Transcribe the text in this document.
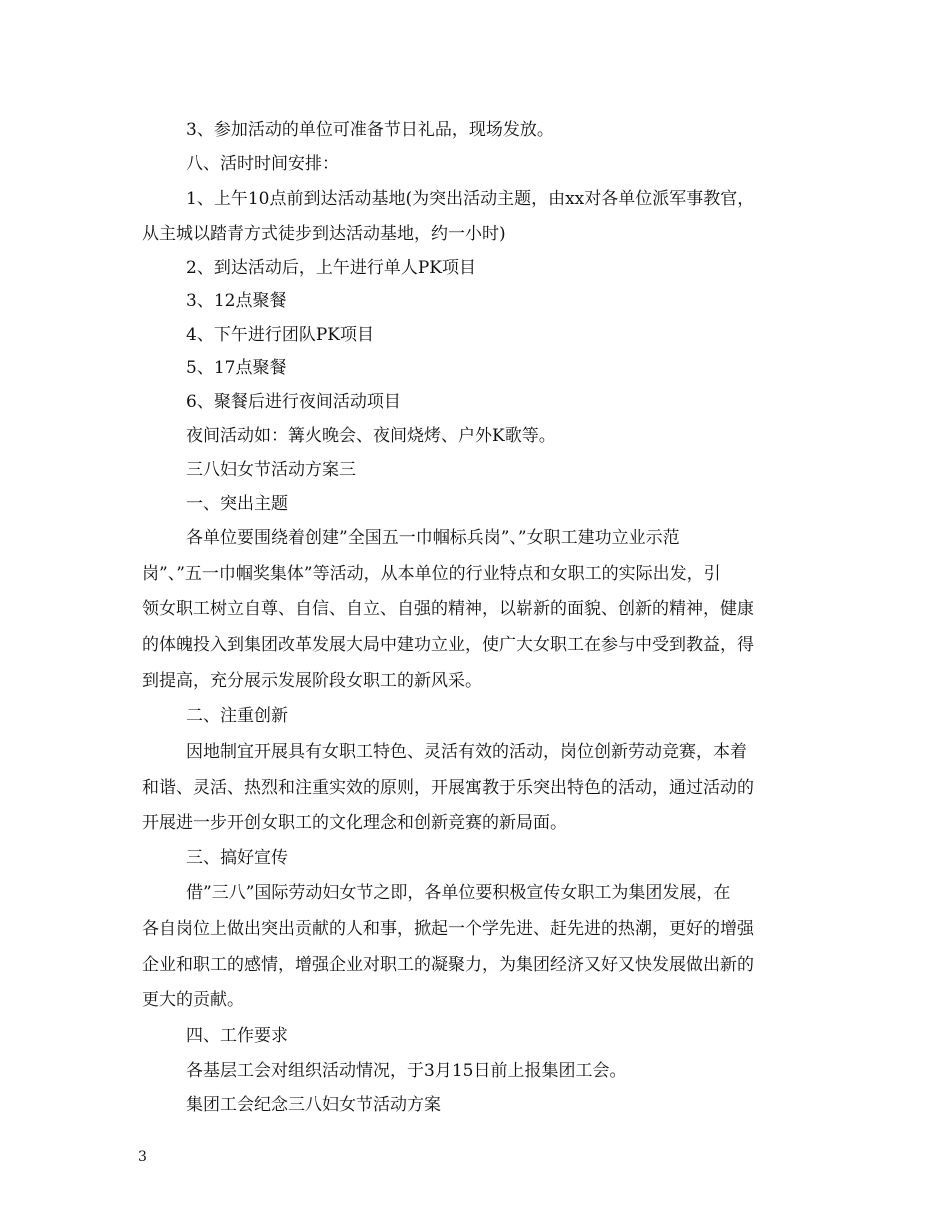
3、参加活动的单位可准备节日礼品，现场发放。
八、活时时间安排：
1、上午10点前到达活动基地(为突出活动主题，由xx对各单位派军事教官，
从主城以踏青方式徒步到达活动基地，约一小时)
2、到达活动后，上午进行单人PK项目
3、12点聚餐
4、下午进行团队PK项目
5、17点聚餐
6、聚餐后进行夜间活动项目
夜间活动如：篝火晚会、夜间烧烤、户外K歌等。
三八妇女节活动方案三
一、突出主题
各单位要围绕着创建”全国五一巾帼标兵岗”、”女职工建功立业示范
岗”、”五一巾帼奖集体”等活动，从本单位的行业特点和女职工的实际出发，引
领女职工树立自尊、自信、自立、自强的精神，以崭新的面貌、创新的精神，健康
的体魄投入到集团改革发展大局中建功立业，使广大女职工在参与中受到教益，得
到提高，充分展示发展阶段女职工的新风采。
二、注重创新
因地制宜开展具有女职工特色、灵活有效的活动，岗位创新劳动竞赛，本着
和谐、灵活、热烈和注重实效的原则，开展寓教于乐突出特色的活动，通过活动的
开展进一步开创女职工的文化理念和创新竞赛的新局面。
三、搞好宣传
借”三八”国际劳动妇女节之即，各单位要积极宣传女职工为集团发展，在
各自岗位上做出突出贡献的人和事，掀起一个学先进、赶先进的热潮，更好的增强
企业和职工的感情，增强企业对职工的凝聚力，为集团经济又好又快发展做出新的
更大的贡献。
四、工作要求
各基层工会对组织活动情况，于3月15日前上报集团工会。
集团工会纪念三八妇女节活动方案
3
